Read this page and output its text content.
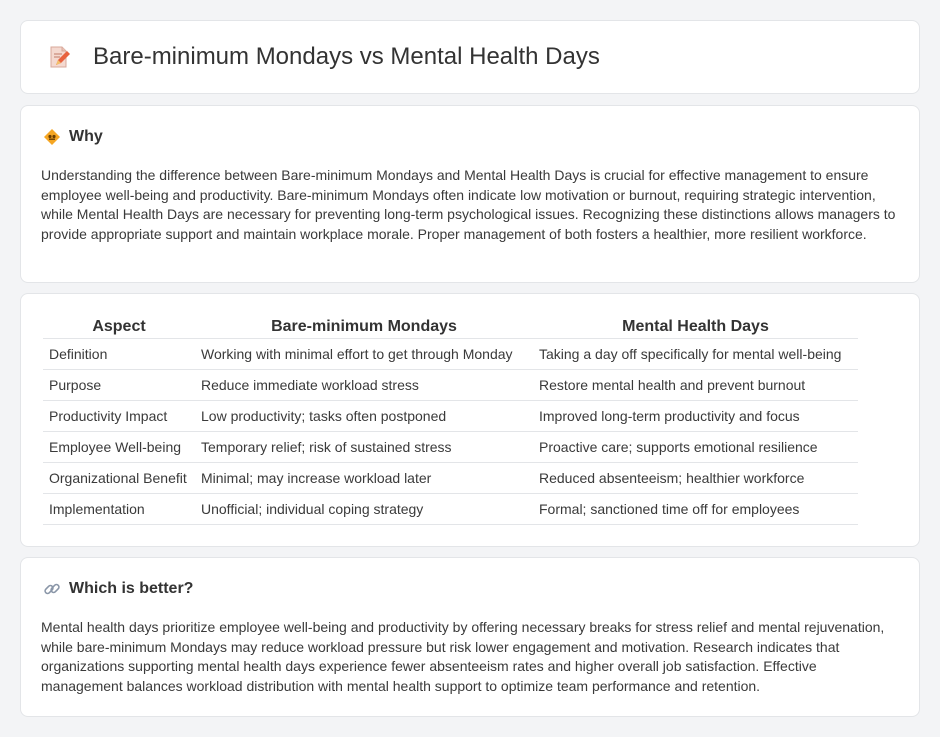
Bare-minimum Mondays vs Mental Health Days
Why

Understanding the difference between Bare-minimum Mondays and Mental Health Days is crucial for effective management to ensure employee well-being and productivity. Bare-minimum Mondays often indicate low motivation or burnout, requiring strategic intervention, while Mental Health Days are necessary for preventing long-term psychological issues. Recognizing these distinctions allows managers to provide appropriate support and maintain workplace morale. Proper management of both fosters a healthier, more resilient workforce.

Aspect	Bare-minimum Mondays	Mental Health Days
Definition	Working with minimal effort to get through Monday	Taking a day off specifically for mental well-being
Purpose	Reduce immediate workload stress	Restore mental health and prevent burnout
Productivity Impact	Low productivity; tasks often postponed	Improved long-term productivity and focus
Employee Well-being	Temporary relief; risk of sustained stress	Proactive care; supports emotional resilience
Organizational Benefit	Minimal; may increase workload later	Reduced absenteeism; healthier workforce
Implementation	Unofficial; individual coping strategy	Formal; sanctioned time off for employees
Which is better?

Mental health days prioritize employee well-being and productivity by offering necessary breaks for stress relief and mental rejuvenation, while bare-minimum Mondays may reduce workload pressure but risk lower engagement and motivation. Research indicates that organizations supporting mental health days experience fewer absenteeism rates and higher overall job satisfaction. Effective management balances workload distribution with mental health support to optimize team performance and retention.
